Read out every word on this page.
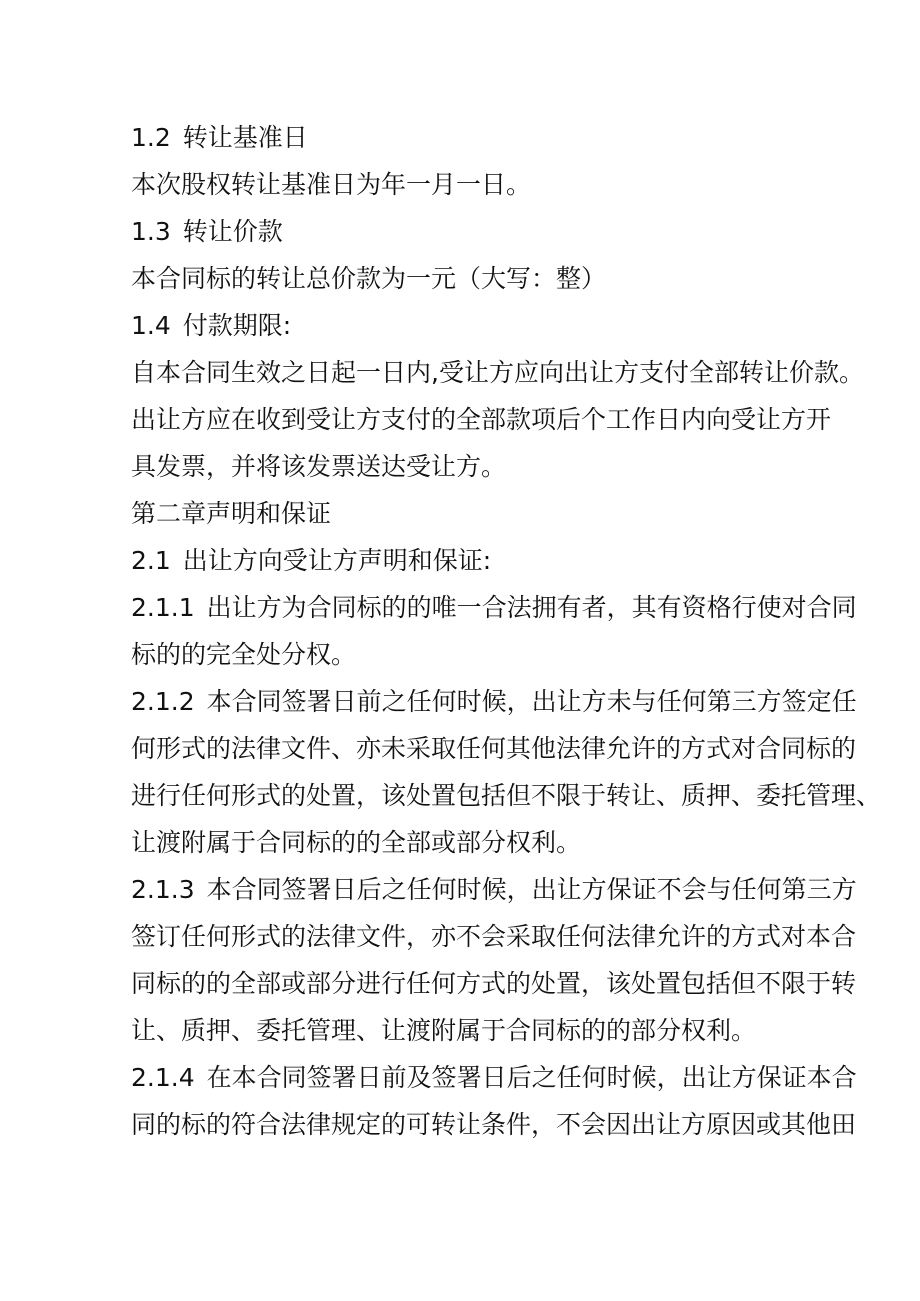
1.2 转让基准日
本次股权转让基准日为年一月一日。
1.3 转让价款
本合同标的转让总价款为一元（大写：整）
1.4 付款期限:
自本合同生效之日起一日内,受让方应向出让方支付全部转让价款。
出让方应在收到受让方支付的全部款项后个工作日内向受让方开
具发票，并将该发票送达受让方。
第二章声明和保证
2.1 出让方向受让方声明和保证:
2.1.1 出让方为合同标的的唯一合法拥有者，其有资格行使对合同
标的的完全处分权。
2.1.2 本合同签署日前之任何时候，出让方未与任何第三方签定任
何形式的法律文件、亦未采取任何其他法律允许的方式对合同标的
进行任何形式的处置，该处置包括但不限于转让、质押、委托管理、
让渡附属于合同标的的全部或部分权利。
2.1.3 本合同签署日后之任何时候，出让方保证不会与任何第三方
签订任何形式的法律文件，亦不会采取任何法律允许的方式对本合
同标的的全部或部分进行任何方式的处置，该处置包括但不限于转
让、质押、委托管理、让渡附属于合同标的的部分权利。
2.1.4 在本合同签署日前及签署日后之任何时候，出让方保证本合
同的标的符合法律规定的可转让条件，不会因出让方原因或其他田
